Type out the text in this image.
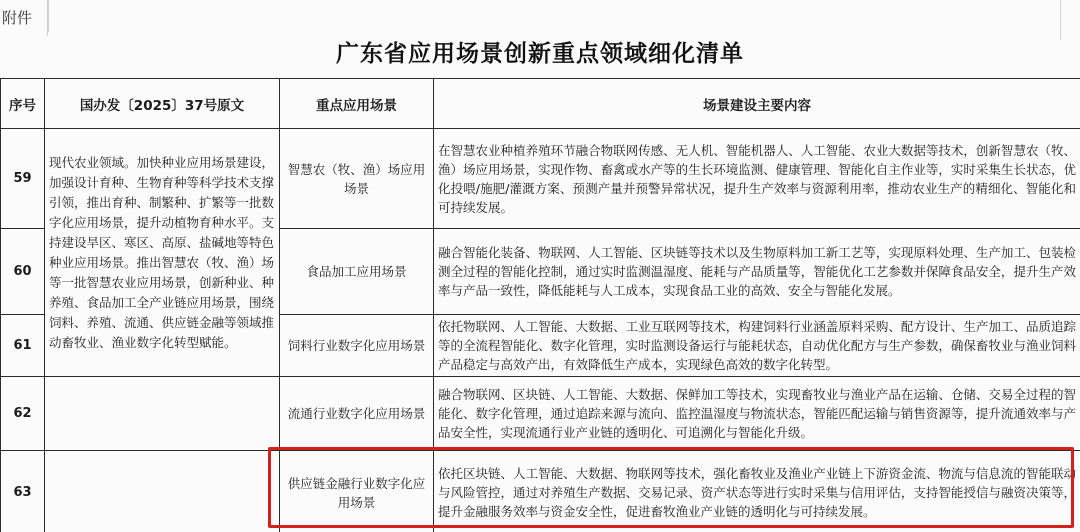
附件
广东省应用场景创新重点领域细化清单
序号	国办发〔2025〕37号原文	重点应用场景	场景建设主要内容
59	现代农业领域。加快种业应用场景建设，加强设计育种、生物育种等科学技术支撑引领，推出育种、制繁种、扩繁等一批数字化应用场景，提升动植物育种水平。支持建设旱区、寒区、高原、盐碱地等特色种业应用场景。推出智慧农（牧、渔）场等一批智慧农业应用场景，创新种业、种养殖、食品加工全产业链应用场景，围绕饲料、养殖、流通、供应链金融等领域推动畜牧业、渔业数字化转型赋能。	智慧农（牧、渔）场应用场景	在智慧农业种植养殖环节融合物联网传感、无人机、智能机器人、人工智能、农业大数据等技术，创新智慧农（牧、渔）场应用场景，实现作物、畜禽或水产等的生长环境监测、健康管理、智能化自主作业等，实时采集生长状态，优化投喂/施肥/灌溉方案、预测产量并预警异常状况，提升生产效率与资源利用率，推动农业生产的精细化、智能化和可持续发展。
60		食品加工应用场景	融合智能化装备、物联网、人工智能、区块链等技术以及生物原料加工新工艺等，实现原料处理、生产加工、包装检测全过程的智能化控制，通过实时监测温湿度、能耗与产品质量等，智能优化工艺参数并保障食品安全，提升生产效率与产品一致性，降低能耗与人工成本，实现食品工业的高效、安全与智能化发展。
61		饲料行业数字化应用场景	依托物联网、人工智能、大数据、工业互联网等技术，构建饲料行业涵盖原料采购、配方设计、生产加工、品质追踪等的全流程智能化、数字化管理，实时监测设备运行与能耗状态，自动优化配方与生产参数，确保畜牧业与渔业饲料产品稳定与高效产出，有效降低生产成本，实现绿色高效的数字化转型。
62		流通行业数字化应用场景	融合物联网、区块链、人工智能、大数据、保鲜加工等技术，实现畜牧业与渔业产品在运输、仓储、交易全过程的智能化、数字化管理，通过追踪来源与流向、监控温湿度与物流状态，智能匹配运输与销售资源等，提升流通效率与产品安全性，实现流通行业产业链的透明化、可追溯化与智能化升级。
63		供应链金融行业数字化应用场景	依托区块链、人工智能、大数据、物联网等技术，强化畜牧业及渔业产业链上下游资金流、物流与信息流的智能联动与风险管控，通过对养殖生产数据、交易记录、资产状态等进行实时采集与信用评估，支持智能授信与融资决策等，提升金融服务效率与资金安全性，促进畜牧渔业产业链的透明化与可持续发展。
